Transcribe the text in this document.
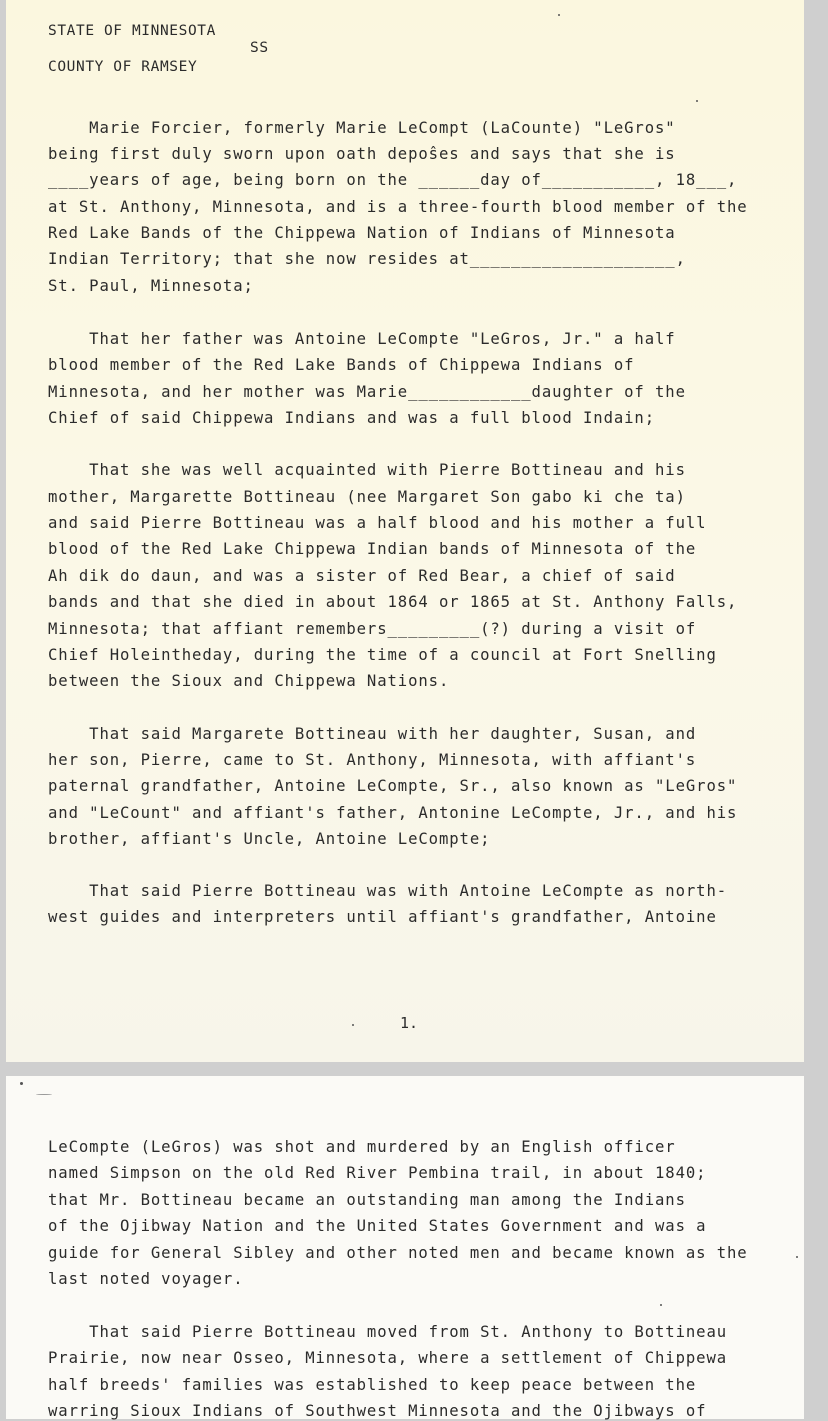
STATE OF MINNESOTA
SS
COUNTY OF RAMSEY
Marie Forcier, formerly Marie LeCompt (LaCounte) "LeGros"
being first duly sworn upon oath depoŝes and says that she is
____years of age, being born on the ______day of___________, 18___,
at St. Anthony, Minnesota, and is a three-fourth blood member of the
Red Lake Bands of the Chippewa Nation of Indians of Minnesota
Indian Territory; that she now resides at____________________,
St. Paul, Minnesota;
That her father was Antoine LeCompte "LeGros, Jr." a half
blood member of the Red Lake Bands of Chippewa Indians of
Minnesota, and her mother was Marie____________daughter of the
Chief of said Chippewa Indians and was a full blood Indain;
That she was well acquainted with Pierre Bottineau and his
mother, Margarette Bottineau (nee Margaret Son gabo ki che ta)
and said Pierre Bottineau was a half blood and his mother a full
blood of the Red Lake Chippewa Indian bands of Minnesota of the
Ah dik do daun, and was a sister of Red Bear, a chief of said
bands and that she died in about 1864 or 1865 at St. Anthony Falls,
Minnesota; that affiant remembers_________(?) during a visit of
Chief Holeintheday, during the time of a council at Fort Snelling
between the Sioux and Chippewa Nations.
That said Margarete Bottineau with her daughter, Susan, and
her son, Pierre, came to St. Anthony, Minnesota, with affiant's
paternal grandfather, Antoine LeCompte, Sr., also known as "LeGros"
and "LeCount" and affiant's father, Antonine LeCompte, Jr., and his
brother, affiant's Uncle, Antoine LeCompte;
That said Pierre Bottineau was with Antoine LeCompte as north-
west guides and interpreters until affiant's grandfather, Antoine
1.
LeCompte (LeGros) was shot and murdered by an English officer
named Simpson on the old Red River Pembina trail, in about 1840;
that Mr. Bottineau became an outstanding man among the Indians
of the Ojibway Nation and the United States Government and was a
guide for General Sibley and other noted men and became known as the
last noted voyager.
That said Pierre Bottineau moved from St. Anthony to Bottineau
Prairie, now near Osseo, Minnesota, where a settlement of Chippewa
half breeds' families was established to keep peace between the
warring Sioux Indians of Southwest Minnesota and the Ojibways of
